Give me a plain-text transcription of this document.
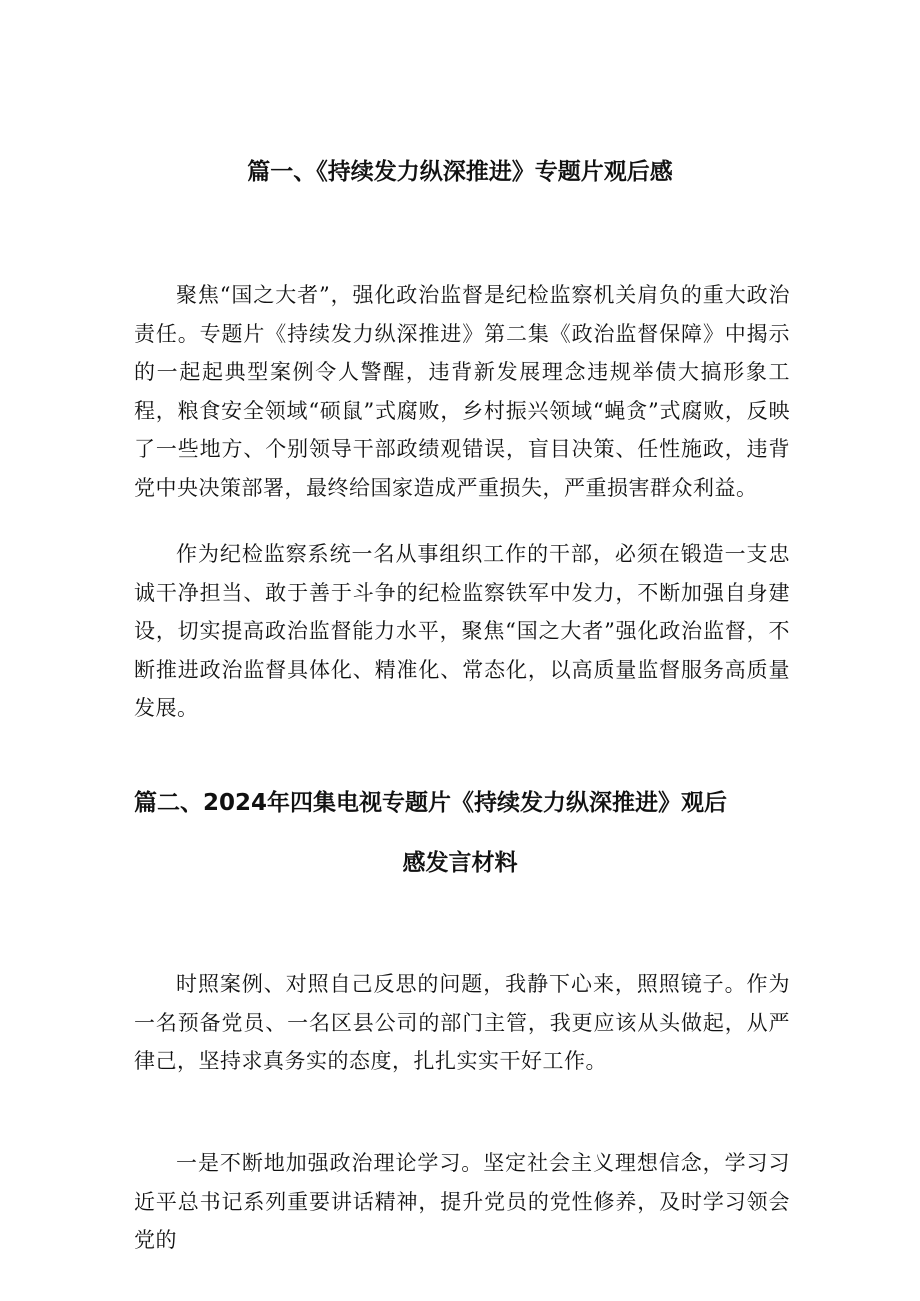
篇一、《持续发力纵深推进》专题片观后感

聚焦“国之大者”，强化政治监督是纪检监察机关肩负的重大政治责任。专题片《持续发力纵深推进》第二集《政治监督保障》中揭示的一起起典型案例令人警醒，违背新发展理念违规举债大搞形象工程，粮食安全领域“硕鼠”式腐败，乡村振兴领域“蝇贪”式腐败，反映了一些地方、个别领导干部政绩观错误，盲目决策、任性施政，违背党中央决策部署，最终给国家造成严重损失，严重损害群众利益。

作为纪检监察系统一名从事组织工作的干部，必须在锻造一支忠诚干净担当、敢于善于斗争的纪检监察铁军中发力，不断加强自身建设，切实提高政治监督能力水平，聚焦“国之大者”强化政治监督，不断推进政治监督具体化、精准化、常态化，以高质量监督服务高质量发展。

篇二、2024年四集电视专题片《持续发力纵深推进》观后
感发言材料

时照案例、对照自己反思的问题，我静下心来，照照镜子。作为一名预备党员、一名区县公司的部门主管，我更应该从头做起，从严律己，坚持求真务实的态度，扎扎实实干好工作。

一是不断地加强政治理论学习。坚定社会主义理想信念，学习习近平总书记系列重要讲话精神，提升党员的党性修养，及时学习领会党的
